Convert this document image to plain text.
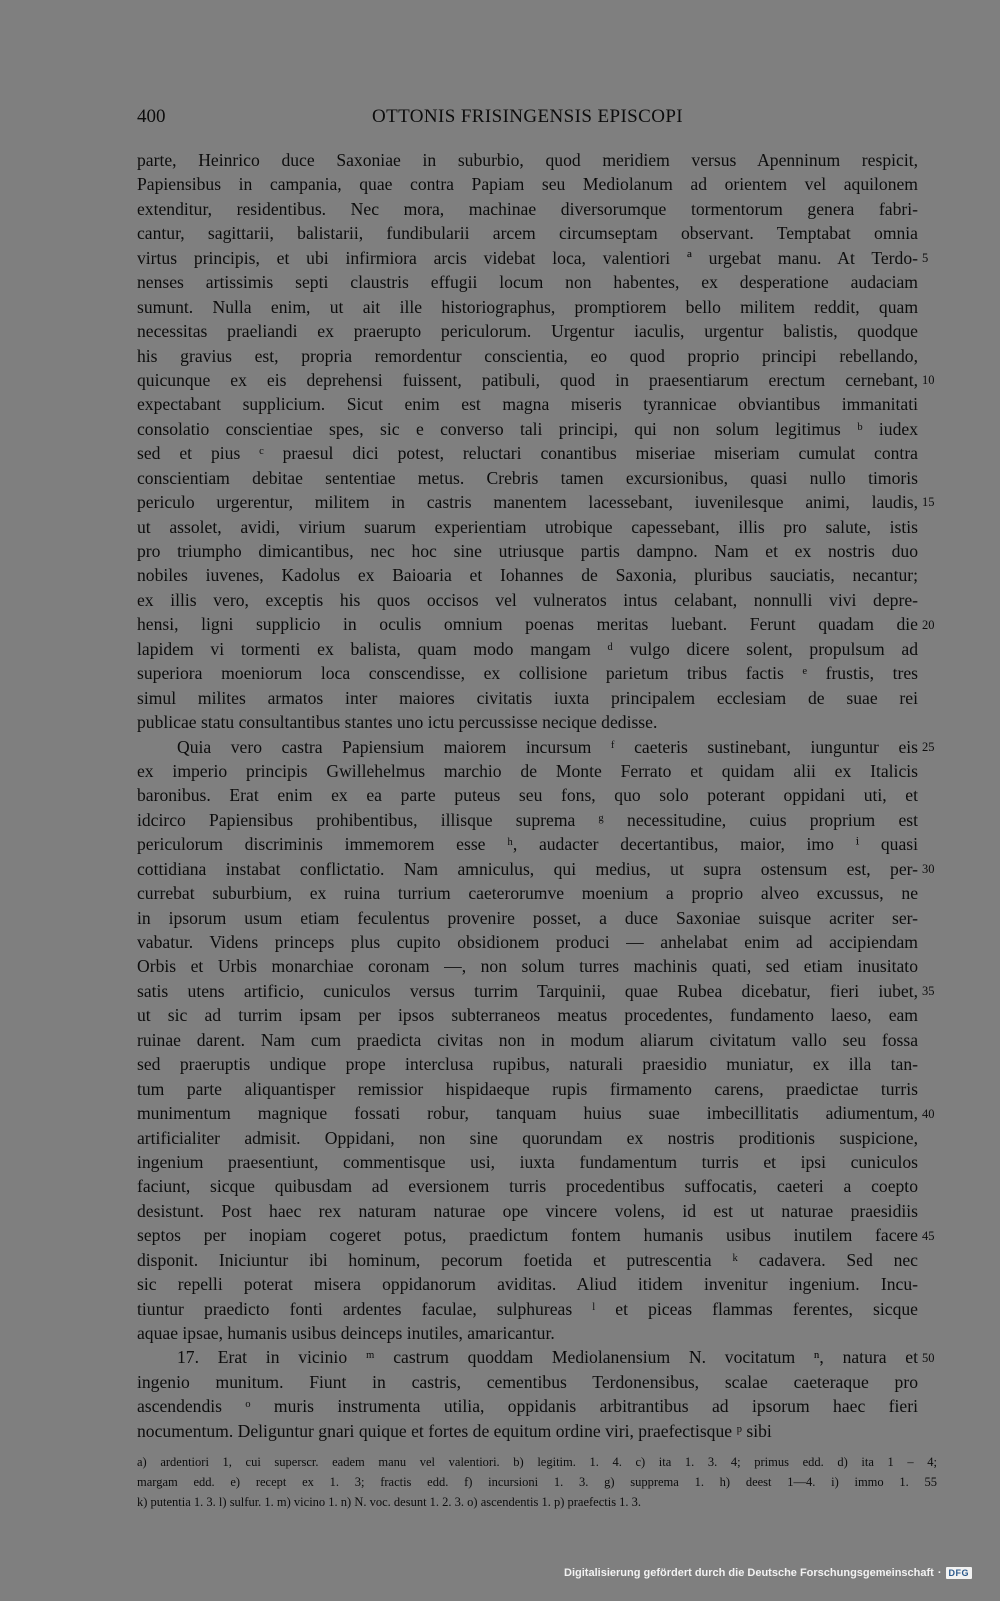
400	OTTONIS FRISINGENSIS EPISCOPI
parte, Heinrico duce Saxoniae in suburbio, quod meridiem versus Apenninum respicit,
Papiensibus in campania, quae contra Papiam seu Mediolanum ad orientem vel aquilonem
extenditur, residentibus. Nec mora, machinae diversorumque tormentorum genera fabri-
cantur, sagittarii, balistarii, fundibularii arcem circumseptam observant. Temptabat omnia
virtus principis, et ubi infirmiora arcis videbat loca, valentiori ª urgebat manu. At Terdo-
nenses artissimis septi claustris effugii locum non habentes, ex desperatione audaciam
sumunt. Nulla enim, ut ait ille historiographus, promptiorem bello militem reddit, quam
necessitas praeliandi ex praerupto periculorum. Urgentur iaculis, urgentur balistis, quodque
his gravius est, propria remordentur conscientia, eo quod proprio principi rebellando,
quicunque ex eis deprehensi fuissent, patibuli, quod in praesentiarum erectum cernebant,
expectabant supplicium. Sicut enim est magna miseris tyrannicae obviantibus immanitati
consolatio conscientiae spes, sic e converso tali principi, qui non solum legitimus ᵇ iudex
sed et pius ᶜ praesul dici potest, reluctari conantibus miseriae miseriam cumulat contra
conscientiam debitae sententiae metus. Crebris tamen excursionibus, quasi nullo timoris
periculo urgerentur, militem in castris manentem lacessebant, iuvenilesque animi, laudis,
ut assolet, avidi, virium suarum experientiam utrobique capessebant, illis pro salute, istis
pro triumpho dimicantibus, nec hoc sine utriusque partis dampno. Nam et ex nostris duo
nobiles iuvenes, Kadolus ex Baioaria et Iohannes de Saxonia, pluribus sauciatis, necantur;
ex illis vero, exceptis his quos occisos vel vulneratos intus celabant, nonnulli vivi depre-
hensi, ligni supplicio in oculis omnium poenas meritas luebant. Ferunt quadam die
lapidem vi tormenti ex balista, quam modo mangam ᵈ vulgo dicere solent, propulsum ad
superiora moeniorum loca conscendisse, ex collisione parietum tribus factis ᵉ frustis, tres
simul milites armatos inter maiores civitatis iuxta principalem ecclesiam de suae rei
publicae statu consultantibus stantes uno ictu percussisse necique dedisse.
Quia vero castra Papiensium maiorem incursum ᶠ caeteris sustinebant, iunguntur eis
ex imperio principis Gwillehelmus marchio de Monte Ferrato et quidam alii ex Italicis
baronibus. Erat enim ex ea parte puteus seu fons, quo solo poterant oppidani uti, et
idcirco Papiensibus prohibentibus, illisque suprema ᵍ necessitudine, cuius proprium est
periculorum discriminis immemorem esse ʰ, audacter decertantibus, maior, imo ⁱ quasi
cottidiana instabat conflictatio. Nam amniculus, qui medius, ut supra ostensum est, per-
currebat suburbium, ex ruina turrium caeterorumve moenium a proprio alveo excussus, ne
in ipsorum usum etiam feculentus provenire posset, a duce Saxoniae suisque acriter ser-
vabatur. Videns princeps plus cupito obsidionem produci — anhelabat enim ad accipiendam
Orbis et Urbis monarchiae coronam —, non solum turres machinis quati, sed etiam inusitato
satis utens artificio, cuniculos versus turrim Tarquinii, quae Rubea dicebatur, fieri iubet,
ut sic ad turrim ipsam per ipsos subterraneos meatus procedentes, fundamento laeso, eam
ruinae darent. Nam cum praedicta civitas non in modum aliarum civitatum vallo seu fossa
sed praeruptis undique prope interclusa rupibus, naturali praesidio muniatur, ex illa tan-
tum parte aliquantisper remissior hispidaeque rupis firmamento carens, praedictae turris
munimentum magnique fossati robur, tanquam huius suae imbecillitatis adiumentum,
artificialiter admisit. Oppidani, non sine quorundam ex nostris proditionis suspicione,
ingenium praesentiunt, commentisque usi, iuxta fundamentum turris et ipsi cuniculos
faciunt, sicque quibusdam ad eversionem turris procedentibus suffocatis, caeteri a coepto
desistunt. Post haec rex naturam naturae ope vincere volens, id est ut naturae praesidiis
septos per inopiam cogeret potus, praedictum fontem humanis usibus inutilem facere
disponit. Iniciuntur ibi hominum, pecorum foetida et putrescentia ᵏ cadavera. Sed nec
sic repelli poterat misera oppidanorum aviditas. Aliud itidem invenitur ingenium. Incu-
tiuntur praedicto fonti ardentes faculae, sulphureas ˡ et piceas flammas ferentes, sicque
aquae ipsae, humanis usibus deinceps inutiles, amaricantur.
17. Erat in vicinio ᵐ castrum quoddam Mediolanensium N. vocitatum ⁿ, natura et
ingenio munitum. Fiunt in castris, cementibus Terdonensibus, scalae caeteraque pro
ascendendis ᵒ muris instrumenta utilia, oppidanis arbitrantibus ad ipsorum haec fieri
nocumentum. Deliguntur gnari quique et fortes de equitum ordine viri, praefectisque ᵖ sibi
5
10
15
20
25
30
35
40
45
50
a) ardentiori 1, cui superscr. eadem manu vel valentiori. b) legitim. 1. 4. c) ita 1. 3. 4; primus edd. d) ita 1 – 4;
margam edd. e) recept ex 1. 3; fractis edd. f) incursioni 1. 3. g) supprema 1. h) deest 1—4. i) immo 1. 55
k) putentia 1. 3. l) sulfur. 1. m) vicino 1. n) N. voc. desunt 1. 2. 3. o) ascendentis 1. p) praefectis 1. 3.
Digitalisierung gefördert durch die Deutsche Forschungsgemeinschaft · DFG
